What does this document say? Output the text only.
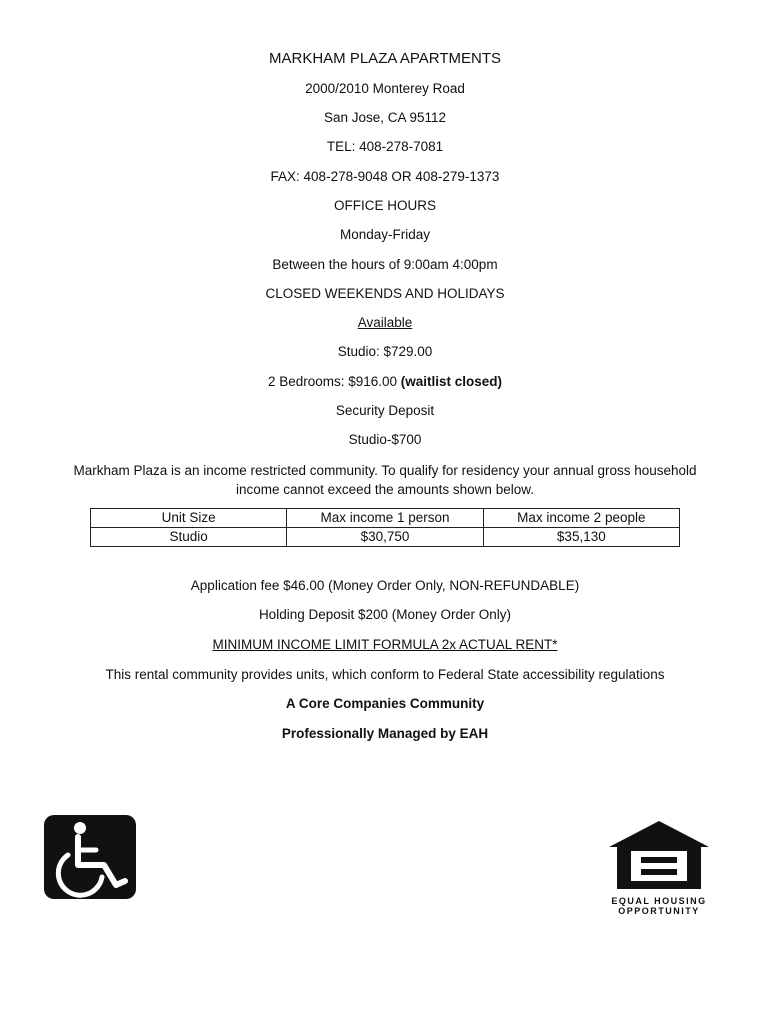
MARKHAM PLAZA APARTMENTS
2000/2010 Monterey Road
San Jose, CA 95112
TEL: 408-278-7081
FAX: 408-278-9048 OR 408-279-1373
OFFICE HOURS
Monday-Friday
Between the hours of 9:00am 4:00pm
CLOSED WEEKENDS AND HOLIDAYS
Available
Studio: $729.00
2 Bedrooms: $916.00 (waitlist closed)
Security Deposit
Studio-$700
Markham Plaza is an income restricted community. To qualify for residency your annual gross household income cannot exceed the amounts shown below.
Unit Size	Max income 1 person	Max income 2 people
Studio	$30,750	$35,130
Application fee $46.00 (Money Order Only, NON-REFUNDABLE)
Holding Deposit $200 (Money Order Only)
MINIMUM INCOME LIMIT FORMULA 2x ACTUAL RENT*
This rental community provides units, which conform to Federal State accessibility regulations
A Core Companies Community
Professionally Managed by EAH
EQUAL HOUSING
OPPORTUNITY
